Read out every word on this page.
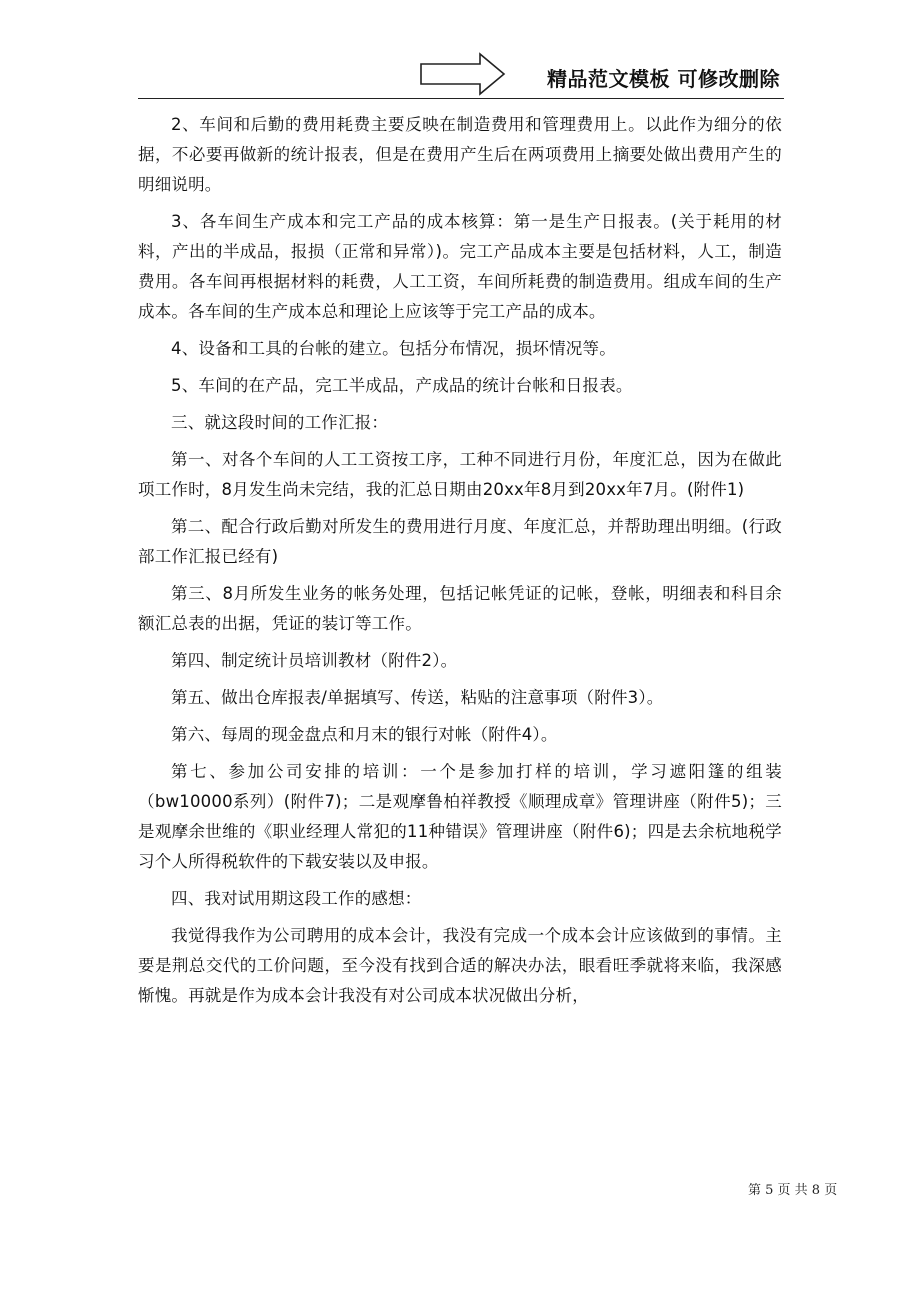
精品范文模板 可修改删除

2、车间和后勤的费用耗费主要反映在制造费用和管理费用上。以此作为细分的依据，不必要再做新的统计报表，但是在费用产生后在两项费用上摘要处做出费用产生的明细说明。

3、各车间生产成本和完工产品的成本核算：第一是生产日报表。(关于耗用的材料，产出的半成品，报损（正常和异常）)。完工产品成本主要是包括材料，人工，制造费用。各车间再根据材料的耗费，人工工资，车间所耗费的制造费用。组成车间的生产成本。各车间的生产成本总和理论上应该等于完工产品的成本。

4、设备和工具的台帐的建立。包括分布情况，损坏情况等。

5、车间的在产品，完工半成品，产成品的统计台帐和日报表。

三、就这段时间的工作汇报：

第一、对各个车间的人工工资按工序，工种不同进行月份，年度汇总，因为在做此项工作时，8月发生尚未完结，我的汇总日期由20xx年8月到20xx年7月。(附件1)

第二、配合行政后勤对所发生的费用进行月度、年度汇总，并帮助理出明细。(行政部工作汇报已经有)

第三、8月所发生业务的帐务处理，包括记帐凭证的记帐，登帐，明细表和科目余额汇总表的出据，凭证的装订等工作。

第四、制定统计员培训教材（附件2）。

第五、做出仓库报表/单据填写、传送，粘贴的注意事项（附件3）。

第六、每周的现金盘点和月末的银行对帐（附件4）。

第七、参加公司安排的培训：一个是参加打样的培训，学习遮阳篷的组装（bw10000系列）(附件7)；二是观摩鲁柏祥教授《顺理成章》管理讲座（附件5)；三是观摩余世维的《职业经理人常犯的11种错误》管理讲座（附件6)；四是去余杭地税学习个人所得税软件的下载安装以及申报。

四、我对试用期这段工作的感想：

我觉得我作为公司聘用的成本会计，我没有完成一个成本会计应该做到的事情。主要是荆总交代的工价问题，至今没有找到合适的解决办法，眼看旺季就将来临，我深感惭愧。再就是作为成本会计我没有对公司成本状况做出分析，

第 5 页 共 8 页
